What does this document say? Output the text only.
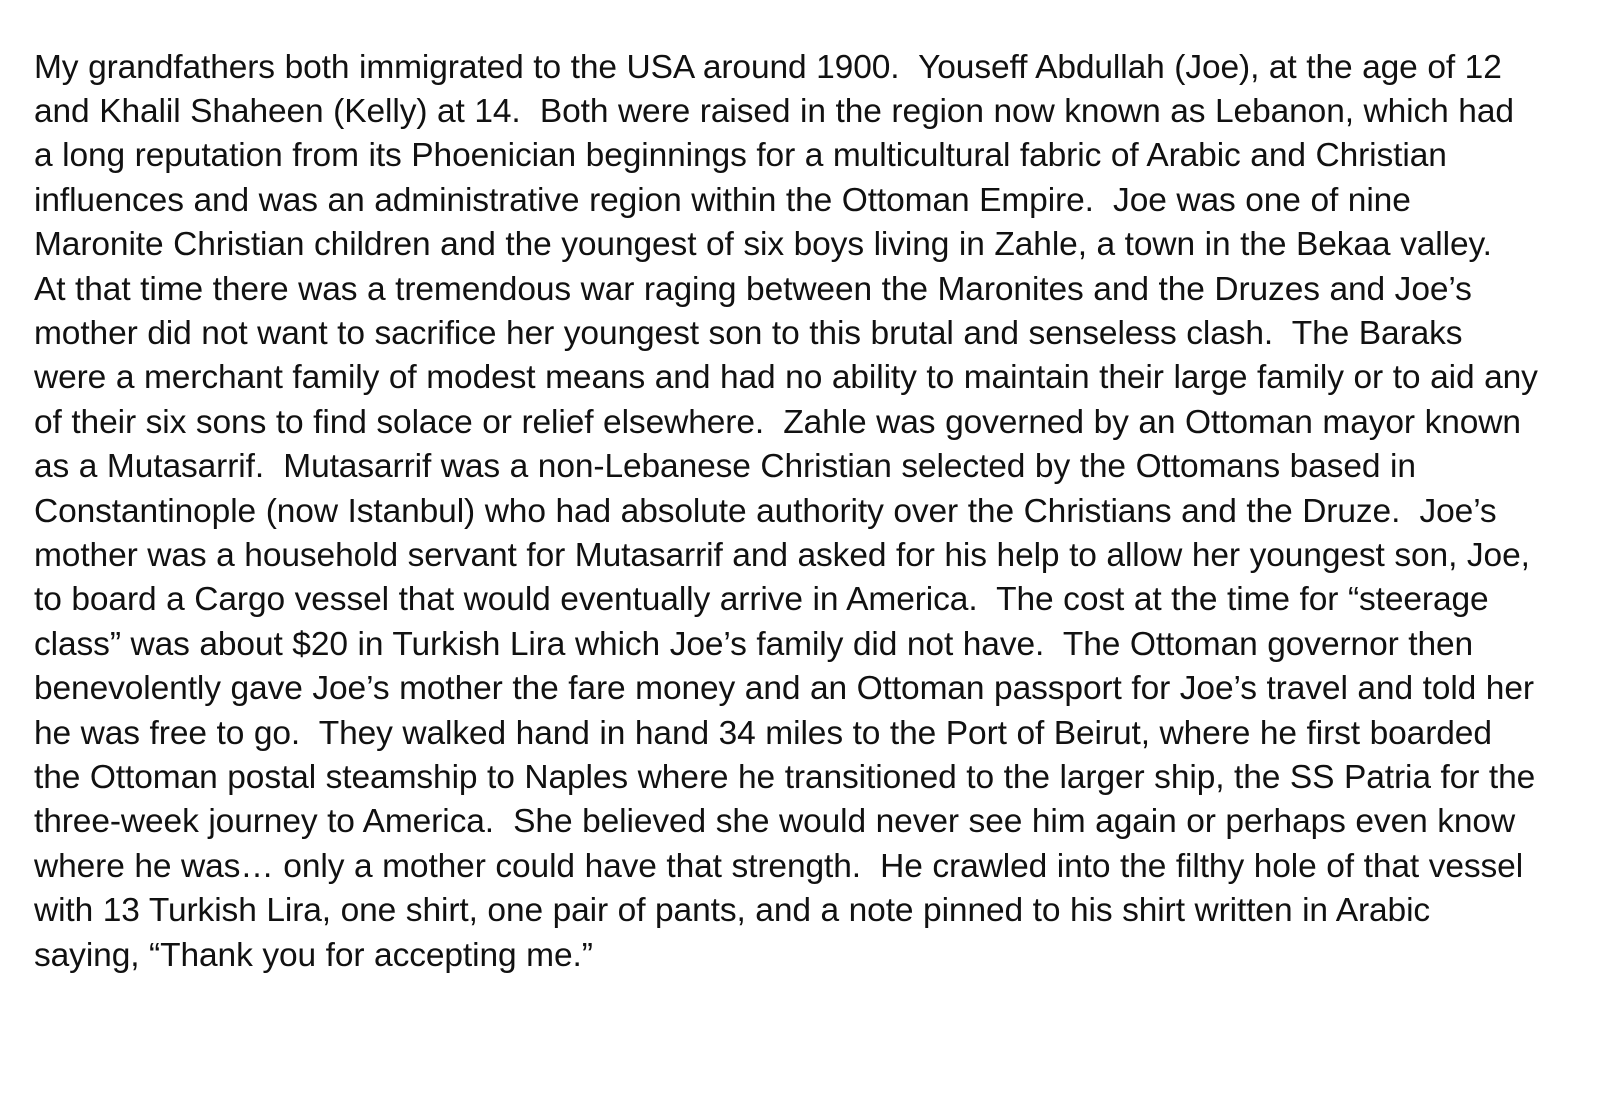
My grandfathers both immigrated to the USA around 1900.  Youseff Abdullah (Joe), at the age of 12 and Khalil Shaheen (Kelly) at 14.  Both were raised in the region now known as Lebanon, which had a long reputation from its Phoenician beginnings for a multicultural fabric of Arabic and Christian influences and was an administrative region within the Ottoman Empire.  Joe was one of nine Maronite Christian children and the youngest of six boys living in Zahle, a town in the Bekaa valley.  At that time there was a tremendous war raging between the Maronites and the Druzes and Joe’s mother did not want to sacrifice her youngest son to this brutal and senseless clash.  The Baraks were a merchant family of modest means and had no ability to maintain their large family or to aid any of their six sons to find solace or relief elsewhere.  Zahle was governed by an Ottoman mayor known as a Mutasarrif.  Mutasarrif was a non-Lebanese Christian selected by the Ottomans based in Constantinople (now Istanbul) who had absolute authority over the Christians and the Druze.  Joe’s mother was a household servant for Mutasarrif and asked for his help to allow her youngest son, Joe, to board a Cargo vessel that would eventually arrive in America.  The cost at the time for “steerage class” was about $20 in Turkish Lira which Joe’s family did not have.  The Ottoman governor then benevolently gave Joe’s mother the fare money and an Ottoman passport for Joe’s travel and told her he was free to go.  They walked hand in hand 34 miles to the Port of Beirut, where he first boarded the Ottoman postal steamship to Naples where he transitioned to the larger ship, the SS Patria for the three-week journey to America.  She believed she would never see him again or perhaps even know where he was… only a mother could have that strength.  He crawled into the filthy hole of that vessel with 13 Turkish Lira, one shirt, one pair of pants, and a note pinned to his shirt written in Arabic saying, “Thank you for accepting me.”
